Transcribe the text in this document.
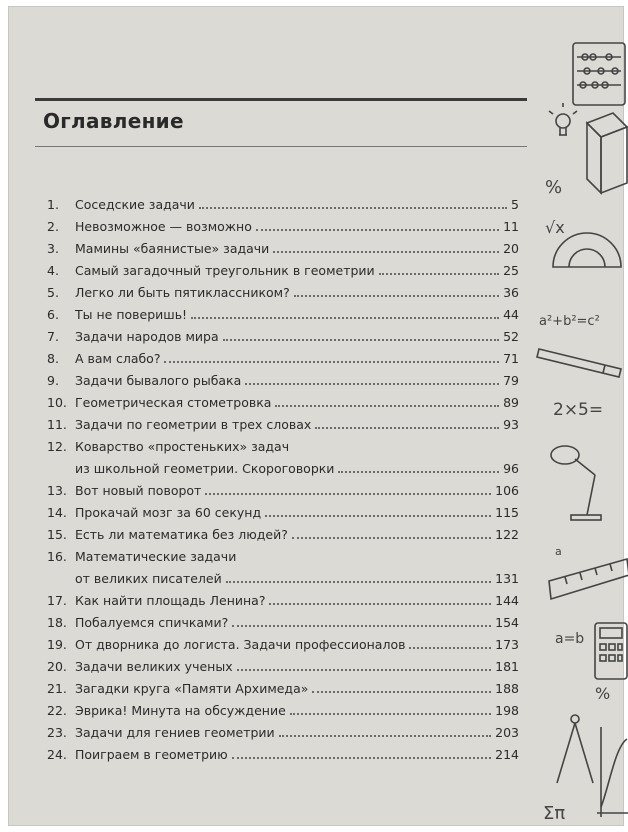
Оглавление
1.	Соседские задачи	5
2.	Невозможное — возможно	11
3.	Мамины «баянистые» задачи	20
4.	Самый загадочный треугольник в геометрии	25
5.	Легко ли быть пятиклассником?	36
6.	Ты не поверишь!	44
7.	Задачи народов мира	52
8.	А вам слабо?	71
9.	Задачи бывалого рыбака	79
10. Геометрическая стометровка	89
11. Задачи по геометрии в трех словах	93
12. Коварство «простеньких» задач
из школьной геометрии. Скороговорки	96
13. Вот новый поворот	106
14. Прокачай мозг за 60 секунд	115
15. Есть ли математика без людей?	122
16. Математические задачи
от великих писателей	131
17. Как найти площадь Ленина?	144
18. Побалуемся спичками?	154
19. От дворника до логиста. Задачи профессионалов	173
20. Задачи великих ученых	181
21. Загадки круга «Памяти Архимеда»	188
22. Эврика! Минута на обсуждение	198
23. Задачи для гениев геометрии	203
24. Поиграем в геометрию	214
%
√x
a²+b²=c²
2×5=
a
a=b
%
Σπ
